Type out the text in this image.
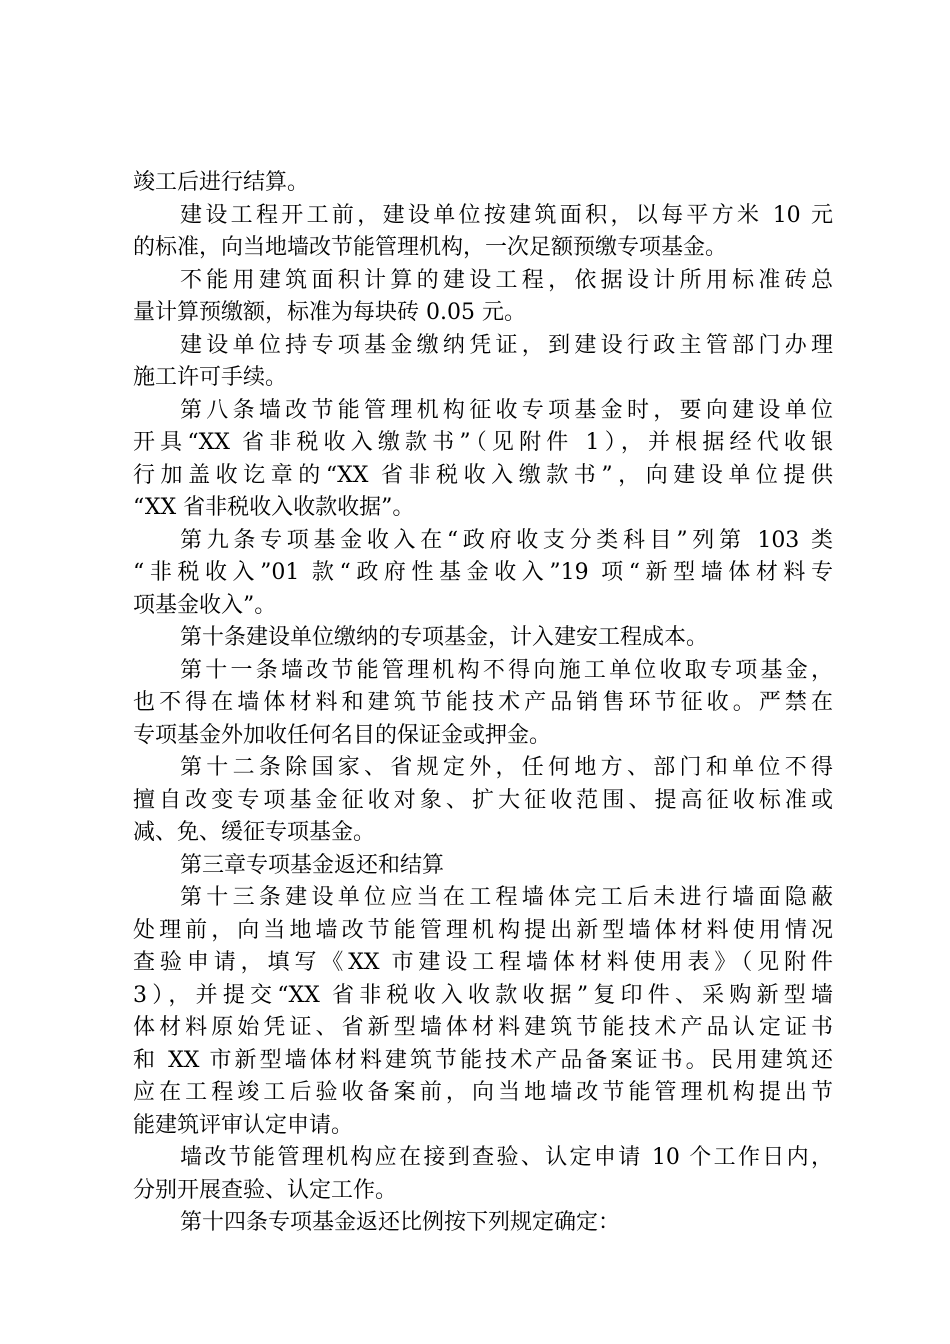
竣工后进行结算。
建设工程开工前，建设单位按建筑面积，以每平方米 10 元
的标准，向当地墙改节能管理机构，一次足额预缴专项基金。
不能用建筑面积计算的建设工程，依据设计所用标准砖总
量计算预缴额，标准为每块砖 0.05 元。
建设单位持专项基金缴纳凭证，到建设行政主管部门办理
施工许可手续。
第八条墙改节能管理机构征收专项基金时，要向建设单位
开具“XX 省非税收入缴款书”（见附件 1），并根据经代收银
行加盖收讫章的“XX 省非税收入缴款书”，向建设单位提供
“XX 省非税收入收款收据”。
第九条专项基金收入在“政府收支分类科目”列第 103 类
“非税收入”01 款“政府性基金收入”19 项“新型墙体材料专
项基金收入”。
第十条建设单位缴纳的专项基金，计入建安工程成本。
第十一条墙改节能管理机构不得向施工单位收取专项基金，
也不得在墙体材料和建筑节能技术产品销售环节征收。严禁在
专项基金外加收任何名目的保证金或押金。
第十二条除国家、省规定外，任何地方、部门和单位不得
擅自改变专项基金征收对象、扩大征收范围、提高征收标准或
减、免、缓征专项基金。
第三章专项基金返还和结算
第十三条建设单位应当在工程墙体完工后未进行墙面隐蔽
处理前，向当地墙改节能管理机构提出新型墙体材料使用情况
查验申请，填写《XX 市建设工程墙体材料使用表》（见附件
3），并提交“XX 省非税收入收款收据”复印件、采购新型墙
体材料原始凭证、省新型墙体材料建筑节能技术产品认定证书
和 XX 市新型墙体材料建筑节能技术产品备案证书。民用建筑还
应在工程竣工后验收备案前，向当地墙改节能管理机构提出节
能建筑评审认定申请。
墙改节能管理机构应在接到查验、认定申请 10 个工作日内，
分别开展查验、认定工作。
第十四条专项基金返还比例按下列规定确定：
